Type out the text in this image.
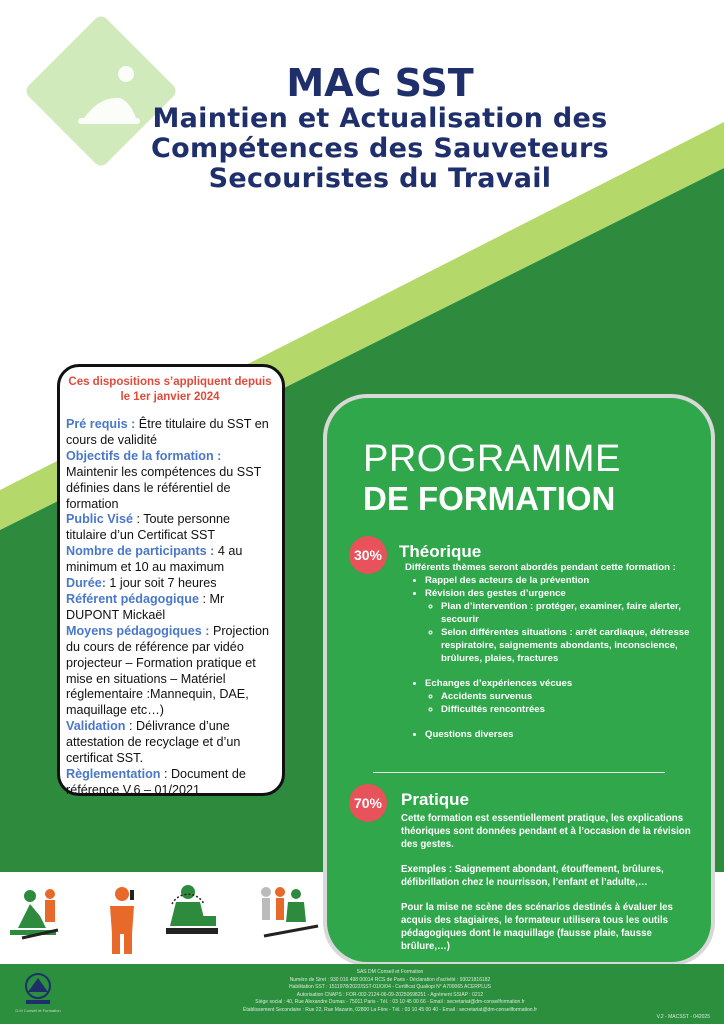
MAC SST
Maintien et Actualisation des
Compétences des Sauveteurs
Secouristes du Travail
Ces dispositions s’appliquent depuis le 1er janvier 2024
Pré requis : Être titulaire du SST en cours de validité
Objectifs de la formation : Maintenir les compétences du SST définies dans le référentiel de formation
Public Visé : Toute personne titulaire d’un Certificat SST
Nombre de participants : 4 au minimum et 10 au maximum
Durée: 1 jour soit 7 heures
Référent pédagogique : Mr DUPONT Mickaël
Moyens pédagogiques : Projection du cours de référence par vidéo projecteur – Formation pratique et mise en situations – Matériel réglementaire :Mannequin, DAE, maquillage etc…)
Validation : Délivrance d’une attestation de recyclage et d’un certificat SST.
Règlementation : Document de référence V.6 – 01/2021
PROGRAMME
DE FORMATION
30% Théorique
Différents thèmes seront abordés pendant cette formation :
• Rappel des acteurs de la prévention
• Révision des gestes d’urgence
◦ Plan d’intervention : protéger, examiner, faire alerter, secourir
◦ Selon différentes situations : arrêt cardiaque, détresse respiratoire, saignements abondants, inconscience, brûlures, plaies, fractures
• Echanges d’expériences vécues
◦ Accidents survenus
◦ Difficultés rencontrées
• Questions diverses
70% Pratique

Cette formation est essentiellement pratique, les explications théoriques sont données pendant et à l’occasion de la révision des gestes.

Exemples : Saignement abondant, étouffement, brûlures, défibrillation chez le nourrisson, l’enfant et l’adulte,…

Pour la mise ne scène des scénarios destinés à évaluer les acquis des stagiaires, le formateur utilisera tous les outils pédagogiques dont le maquillage (fausse plaie, fausse brûlure,…)

D.M Conseil et Formation
SAS DM Conseil et Formation
Numéro de Siret : 930 016 498 00014 RCS de Paris - Déclaration d’activité : 93021816182
Habilitation SST : 1511978/2022/SST-01/O/04 - Certificat Qualiopi N° A700065 ACERPLUS
Autorisation CNAPS : FOR-002-2124-06-09-20250698251 - Agrément SSIAP : 0212
Siège social : 40, Rue Alexandre Dumas - 75011 Paris - Tél. : 03 10 45 00 66 - Email : secretariat@dm-conseilformation.fr
Établissement Secondaire : Rue 22, Rue Mazarin, 02800 La Fère - Tél. : 03 10 45 00 40 - Email : secretariat@dm-conseilformation.fr
V.2 - MACSST - 042025
